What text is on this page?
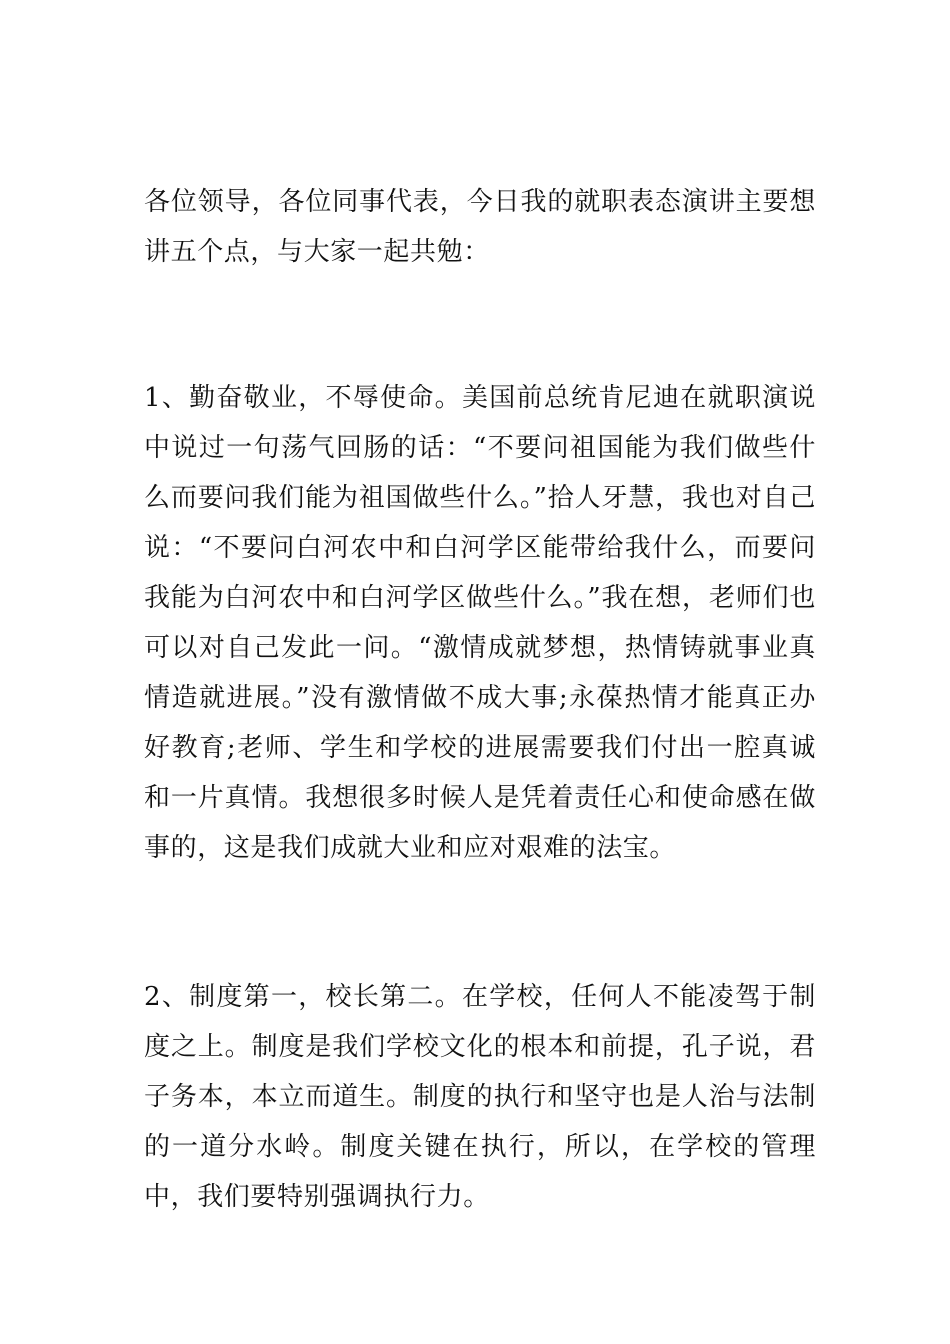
各位领导，各位同事代表，今日我的就职表态演讲主要想讲五个点，与大家一起共勉：

1、勤奋敬业，不辱使命。美国前总统肯尼迪在就职演说中说过一句荡气回肠的话：“不要问祖国能为我们做些什么而要问我们能为祖国做些什么。”拾人牙慧，我也对自己说：“不要问白河农中和白河学区能带给我什么，而要问我能为白河农中和白河学区做些什么。”我在想，老师们也可以对自己发此一问。“激情成就梦想，热情铸就事业真情造就进展。”没有激情做不成大事;永葆热情才能真正办好教育;老师、学生和学校的进展需要我们付出一腔真诚和一片真情。我想很多时候人是凭着责任心和使命感在做事的，这是我们成就大业和应对艰难的法宝。

2、制度第一，校长第二。在学校，任何人不能凌驾于制度之上。制度是我们学校文化的根本和前提，孔子说，君子务本，本立而道生。制度的执行和坚守也是人治与法制的一道分水岭。制度关键在执行，所以，在学校的管理中，我们要特别强调执行力。
